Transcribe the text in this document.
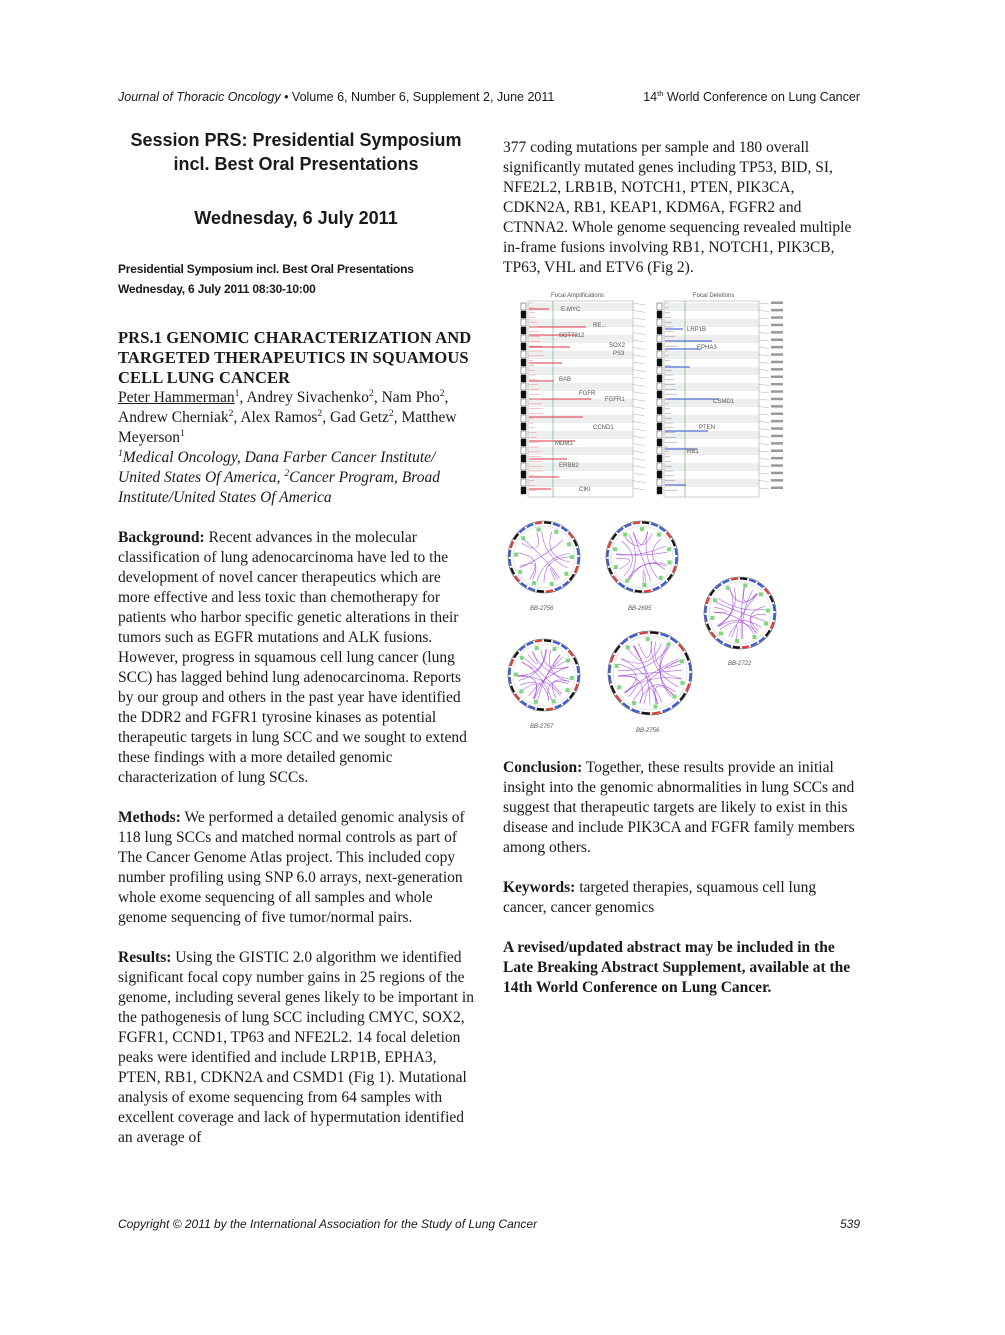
Journal of Thoracic Oncology • Volume 6, Number 6, Supplement 2, June 2011	14th World Conference on Lung Cancer

Session PRS: Presidential Symposium
incl. Best Oral Presentations

Wednesday, 6 July 2011

Presidential Symposium incl. Best Oral Presentations Wednesday, 6 July 2011 08:30-10:00

PRS.1 GENOMIC CHARACTERIZATION AND TARGETED THERAPEUTICS IN SQUAMOUS CELL LUNG CANCER

Peter Hammerman$^1$, Andrey Sivachenko$^2$, Nam Pho$^2$, Andrew Cherniak$^2$, Alex Ramos$^2$, Gad Getz$^2$, Matthew Meyerson$^1$

$^1$Medical Oncology, Dana Farber Cancer Institute/ United States Of America, $^2$Cancer Program, Broad Institute/United States Of America

Background: Recent advances in the molecular classification of lung adenocarcinoma have led to the development of novel cancer therapeutics which are more effective and less toxic than chemotherapy for patients who harbor specific genetic alterations in their tumors such as EGFR mutations and ALK fusions. However, progress in squamous cell lung cancer (lung SCC) has lagged behind lung adenocarcinoma. Reports by our group and others in the past year have identified the DDR2 and FGFR1 tyrosine kinases as potential therapeutic targets in lung SCC and we sought to extend these findings with a more detailed genomic characterization of lung SCCs.

Methods: We performed a detailed genomic analysis of 118 lung SCCs and matched normal controls as part of The Cancer Genome Atlas project. This included copy number profiling using SNP 6.0 arrays, next-generation whole exome sequencing of all samples and whole genome sequencing of five tumor/normal pairs.

Results: Using the GISTIC 2.0 algorithm we identified significant focal copy number gains in 25 regions of the genome, including several genes likely to be important in the pathogenesis of lung SCC including CMYC, SOX2, FGFR1, CCND1, TP63 and NFE2L2. 14 focal deletion peaks were identified and include LRP1B, EPHA3, PTEN, RB1, CDKN2A and CSMD1 (Fig 1). Mutational analysis of exome sequencing from 64 samples with excellent coverage and lack of hypermutation identified an average of

377 coding mutations per sample and 180 overall significantly mutated genes including TP53, BID, SI, NFE2L2, LRB1B, NOTCH1, PTEN, PIK3CA, CDKN2A, RB1, KEAP1, KDM6A, FGFR2 and CTNNA2. Whole genome sequencing revealed multiple in-frame fusions involving RB1, NOTCH1, PIK3CB, TP63, VHL and ETV6 (Fig 2).

Focal Amplifications	Focal Deletions
E-MYC
SCT7212
RE...
SOX2
PS3
BAB
FGFR
FGFR1
CCND1
MDM1
ERBB2
CIKI
LRP1B
EPHA3
CSMD1
PTEN
RB1
BB-2756	BB-2695
BB-2722
BB-2757
BB-2756

Conclusion: Together, these results provide an initial insight into the genomic abnormalities in lung SCCs and suggest that therapeutic targets are likely to exist in this disease and include PIK3CA and FGFR family members among others.

Keywords: targeted therapies, squamous cell lung cancer, cancer genomics

A revised/updated abstract may be included in the Late Breaking Abstract Supplement, available at the 14th World Conference on Lung Cancer.

Copyright © 2011 by the International Association for the Study of Lung Cancer	539
